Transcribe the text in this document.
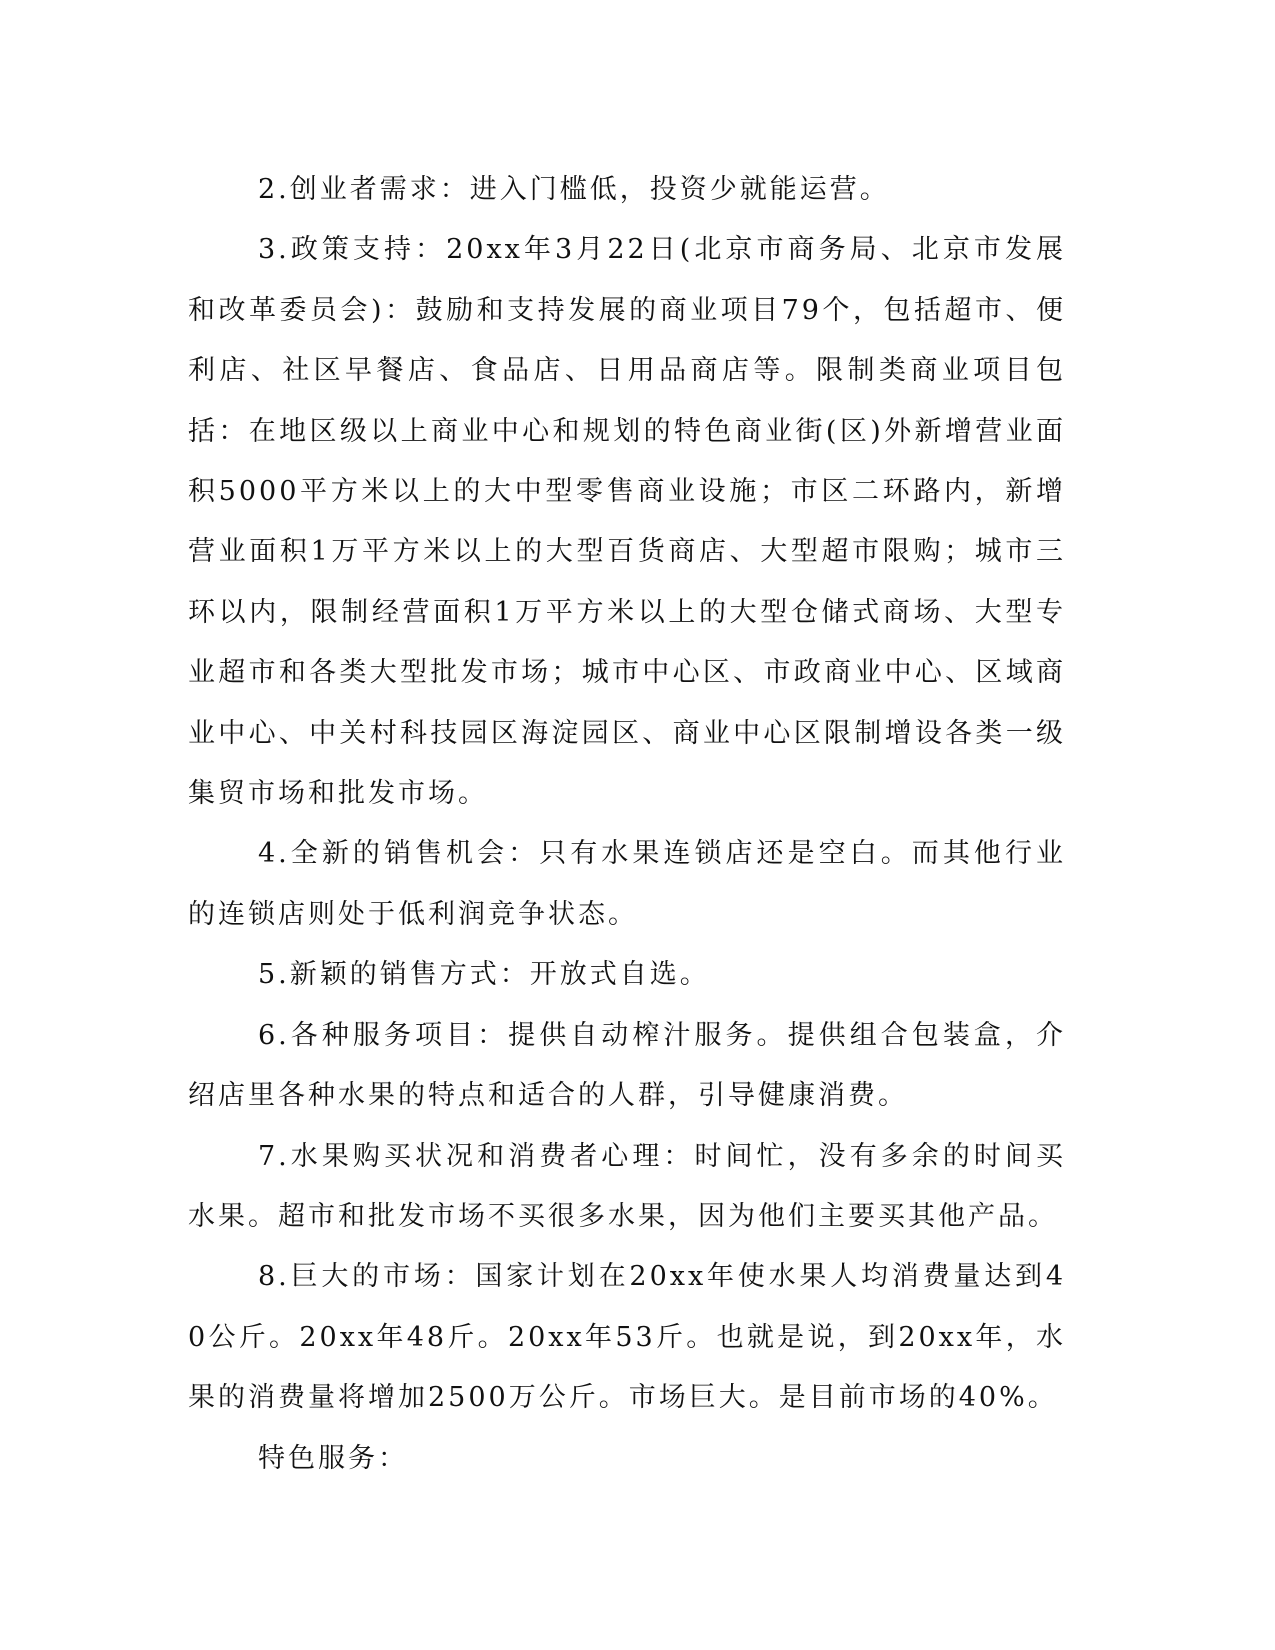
2.创业者需求：进入门槛低，投资少就能运营。

3.政策支持：20xx年3月22日(北京市商务局、北京市发展和改革委员会)：鼓励和支持发展的商业项目79个，包括超市、便利店、社区早餐店、食品店、日用品商店等。限制类商业项目包括：在地区级以上商业中心和规划的特色商业街(区)外新增营业面积5000平方米以上的大中型零售商业设施；市区二环路内，新增营业面积1万平方米以上的大型百货商店、大型超市限购；城市三环以内，限制经营面积1万平方米以上的大型仓储式商场、大型专业超市和各类大型批发市场；城市中心区、市政商业中心、区域商业中心、中关村科技园区海淀园区、商业中心区限制增设各类一级集贸市场和批发市场。

4.全新的销售机会：只有水果连锁店还是空白。而其他行业的连锁店则处于低利润竞争状态。

5.新颖的销售方式：开放式自选。

6.各种服务项目：提供自动榨汁服务。提供组合包装盒，介绍店里各种水果的特点和适合的人群，引导健康消费。

7.水果购买状况和消费者心理：时间忙，没有多余的时间买水果。超市和批发市场不买很多水果，因为他们主要买其他产品。

8.巨大的市场：国家计划在20xx年使水果人均消费量达到40公斤。20xx年48斤。20xx年53斤。也就是说，到20xx年，水果的消费量将增加2500万公斤。市场巨大。是目前市场的40%。

特色服务：
